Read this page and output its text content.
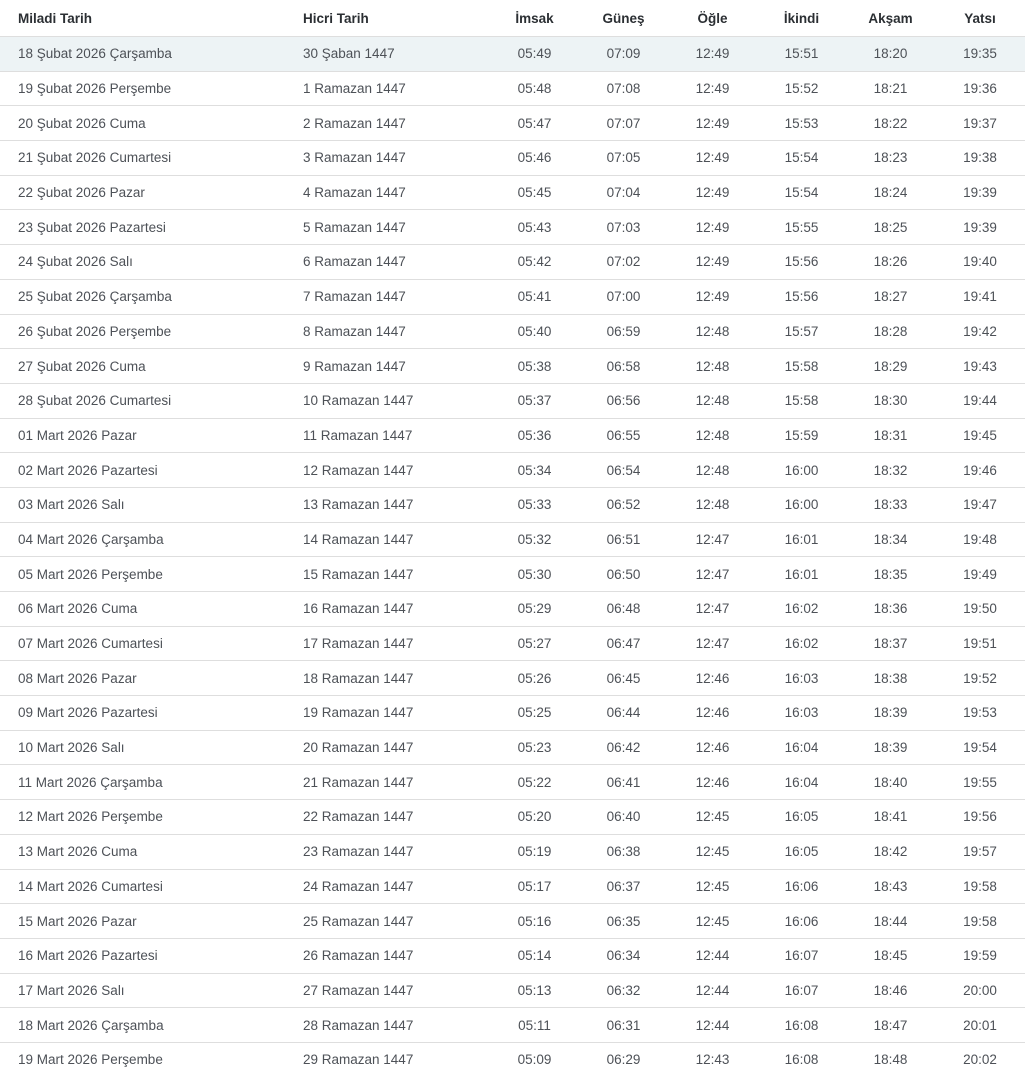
Miladi Tarih	Hicri Tarih	İmsak	Güneş	Öğle	İkindi	Akşam	Yatsı
18 Şubat 2026 Çarşamba	30 Şaban 1447	05:49	07:09	12:49	15:51	18:20	19:35
19 Şubat 2026 Perşembe	1 Ramazan 1447	05:48	07:08	12:49	15:52	18:21	19:36
20 Şubat 2026 Cuma	2 Ramazan 1447	05:47	07:07	12:49	15:53	18:22	19:37
21 Şubat 2026 Cumartesi	3 Ramazan 1447	05:46	07:05	12:49	15:54	18:23	19:38
22 Şubat 2026 Pazar	4 Ramazan 1447	05:45	07:04	12:49	15:54	18:24	19:39
23 Şubat 2026 Pazartesi	5 Ramazan 1447	05:43	07:03	12:49	15:55	18:25	19:39
24 Şubat 2026 Salı	6 Ramazan 1447	05:42	07:02	12:49	15:56	18:26	19:40
25 Şubat 2026 Çarşamba	7 Ramazan 1447	05:41	07:00	12:49	15:56	18:27	19:41
26 Şubat 2026 Perşembe	8 Ramazan 1447	05:40	06:59	12:48	15:57	18:28	19:42
27 Şubat 2026 Cuma	9 Ramazan 1447	05:38	06:58	12:48	15:58	18:29	19:43
28 Şubat 2026 Cumartesi	10 Ramazan 1447	05:37	06:56	12:48	15:58	18:30	19:44
01 Mart 2026 Pazar	11 Ramazan 1447	05:36	06:55	12:48	15:59	18:31	19:45
02 Mart 2026 Pazartesi	12 Ramazan 1447	05:34	06:54	12:48	16:00	18:32	19:46
03 Mart 2026 Salı	13 Ramazan 1447	05:33	06:52	12:48	16:00	18:33	19:47
04 Mart 2026 Çarşamba	14 Ramazan 1447	05:32	06:51	12:47	16:01	18:34	19:48
05 Mart 2026 Perşembe	15 Ramazan 1447	05:30	06:50	12:47	16:01	18:35	19:49
06 Mart 2026 Cuma	16 Ramazan 1447	05:29	06:48	12:47	16:02	18:36	19:50
07 Mart 2026 Cumartesi	17 Ramazan 1447	05:27	06:47	12:47	16:02	18:37	19:51
08 Mart 2026 Pazar	18 Ramazan 1447	05:26	06:45	12:46	16:03	18:38	19:52
09 Mart 2026 Pazartesi	19 Ramazan 1447	05:25	06:44	12:46	16:03	18:39	19:53
10 Mart 2026 Salı	20 Ramazan 1447	05:23	06:42	12:46	16:04	18:39	19:54
11 Mart 2026 Çarşamba	21 Ramazan 1447	05:22	06:41	12:46	16:04	18:40	19:55
12 Mart 2026 Perşembe	22 Ramazan 1447	05:20	06:40	12:45	16:05	18:41	19:56
13 Mart 2026 Cuma	23 Ramazan 1447	05:19	06:38	12:45	16:05	18:42	19:57
14 Mart 2026 Cumartesi	24 Ramazan 1447	05:17	06:37	12:45	16:06	18:43	19:58
15 Mart 2026 Pazar	25 Ramazan 1447	05:16	06:35	12:45	16:06	18:44	19:58
16 Mart 2026 Pazartesi	26 Ramazan 1447	05:14	06:34	12:44	16:07	18:45	19:59
17 Mart 2026 Salı	27 Ramazan 1447	05:13	06:32	12:44	16:07	18:46	20:00
18 Mart 2026 Çarşamba	28 Ramazan 1447	05:11	06:31	12:44	16:08	18:47	20:01
19 Mart 2026 Perşembe	29 Ramazan 1447	05:09	06:29	12:43	16:08	18:48	20:02
